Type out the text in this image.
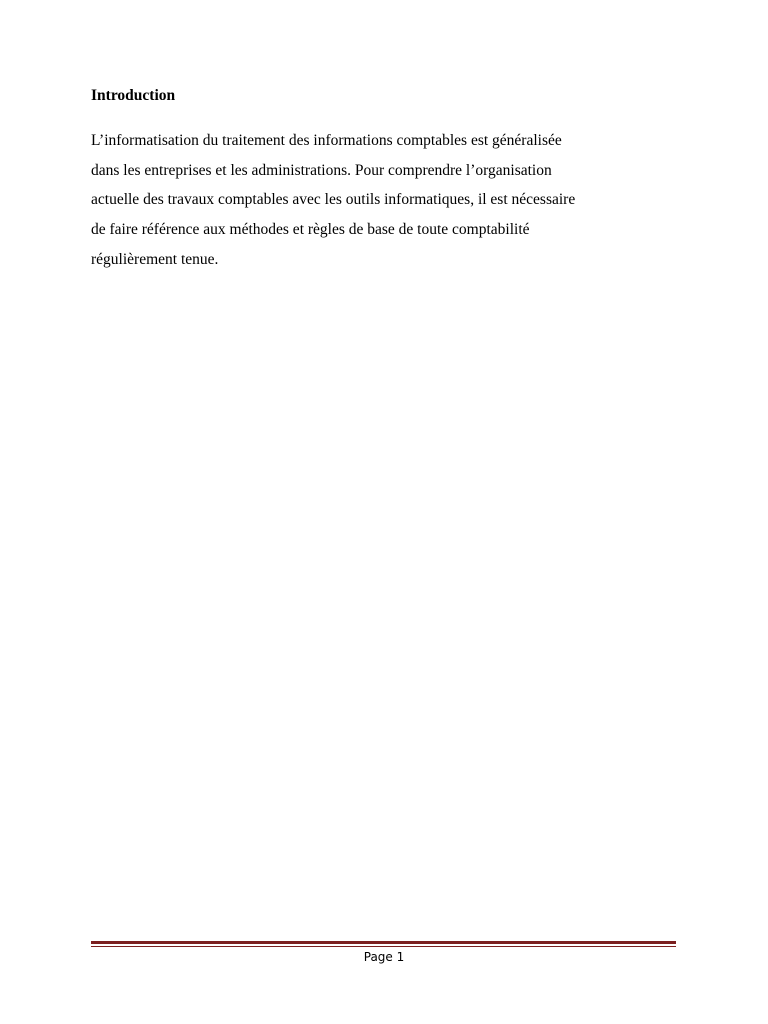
Introduction
L’informatisation du traitement des informations comptables est généralisée
dans les entreprises et les administrations. Pour comprendre l’organisation
actuelle des travaux comptables avec les outils informatiques, il est nécessaire
de faire référence aux méthodes et règles de base de toute comptabilité
régulièrement tenue.
Page 1
